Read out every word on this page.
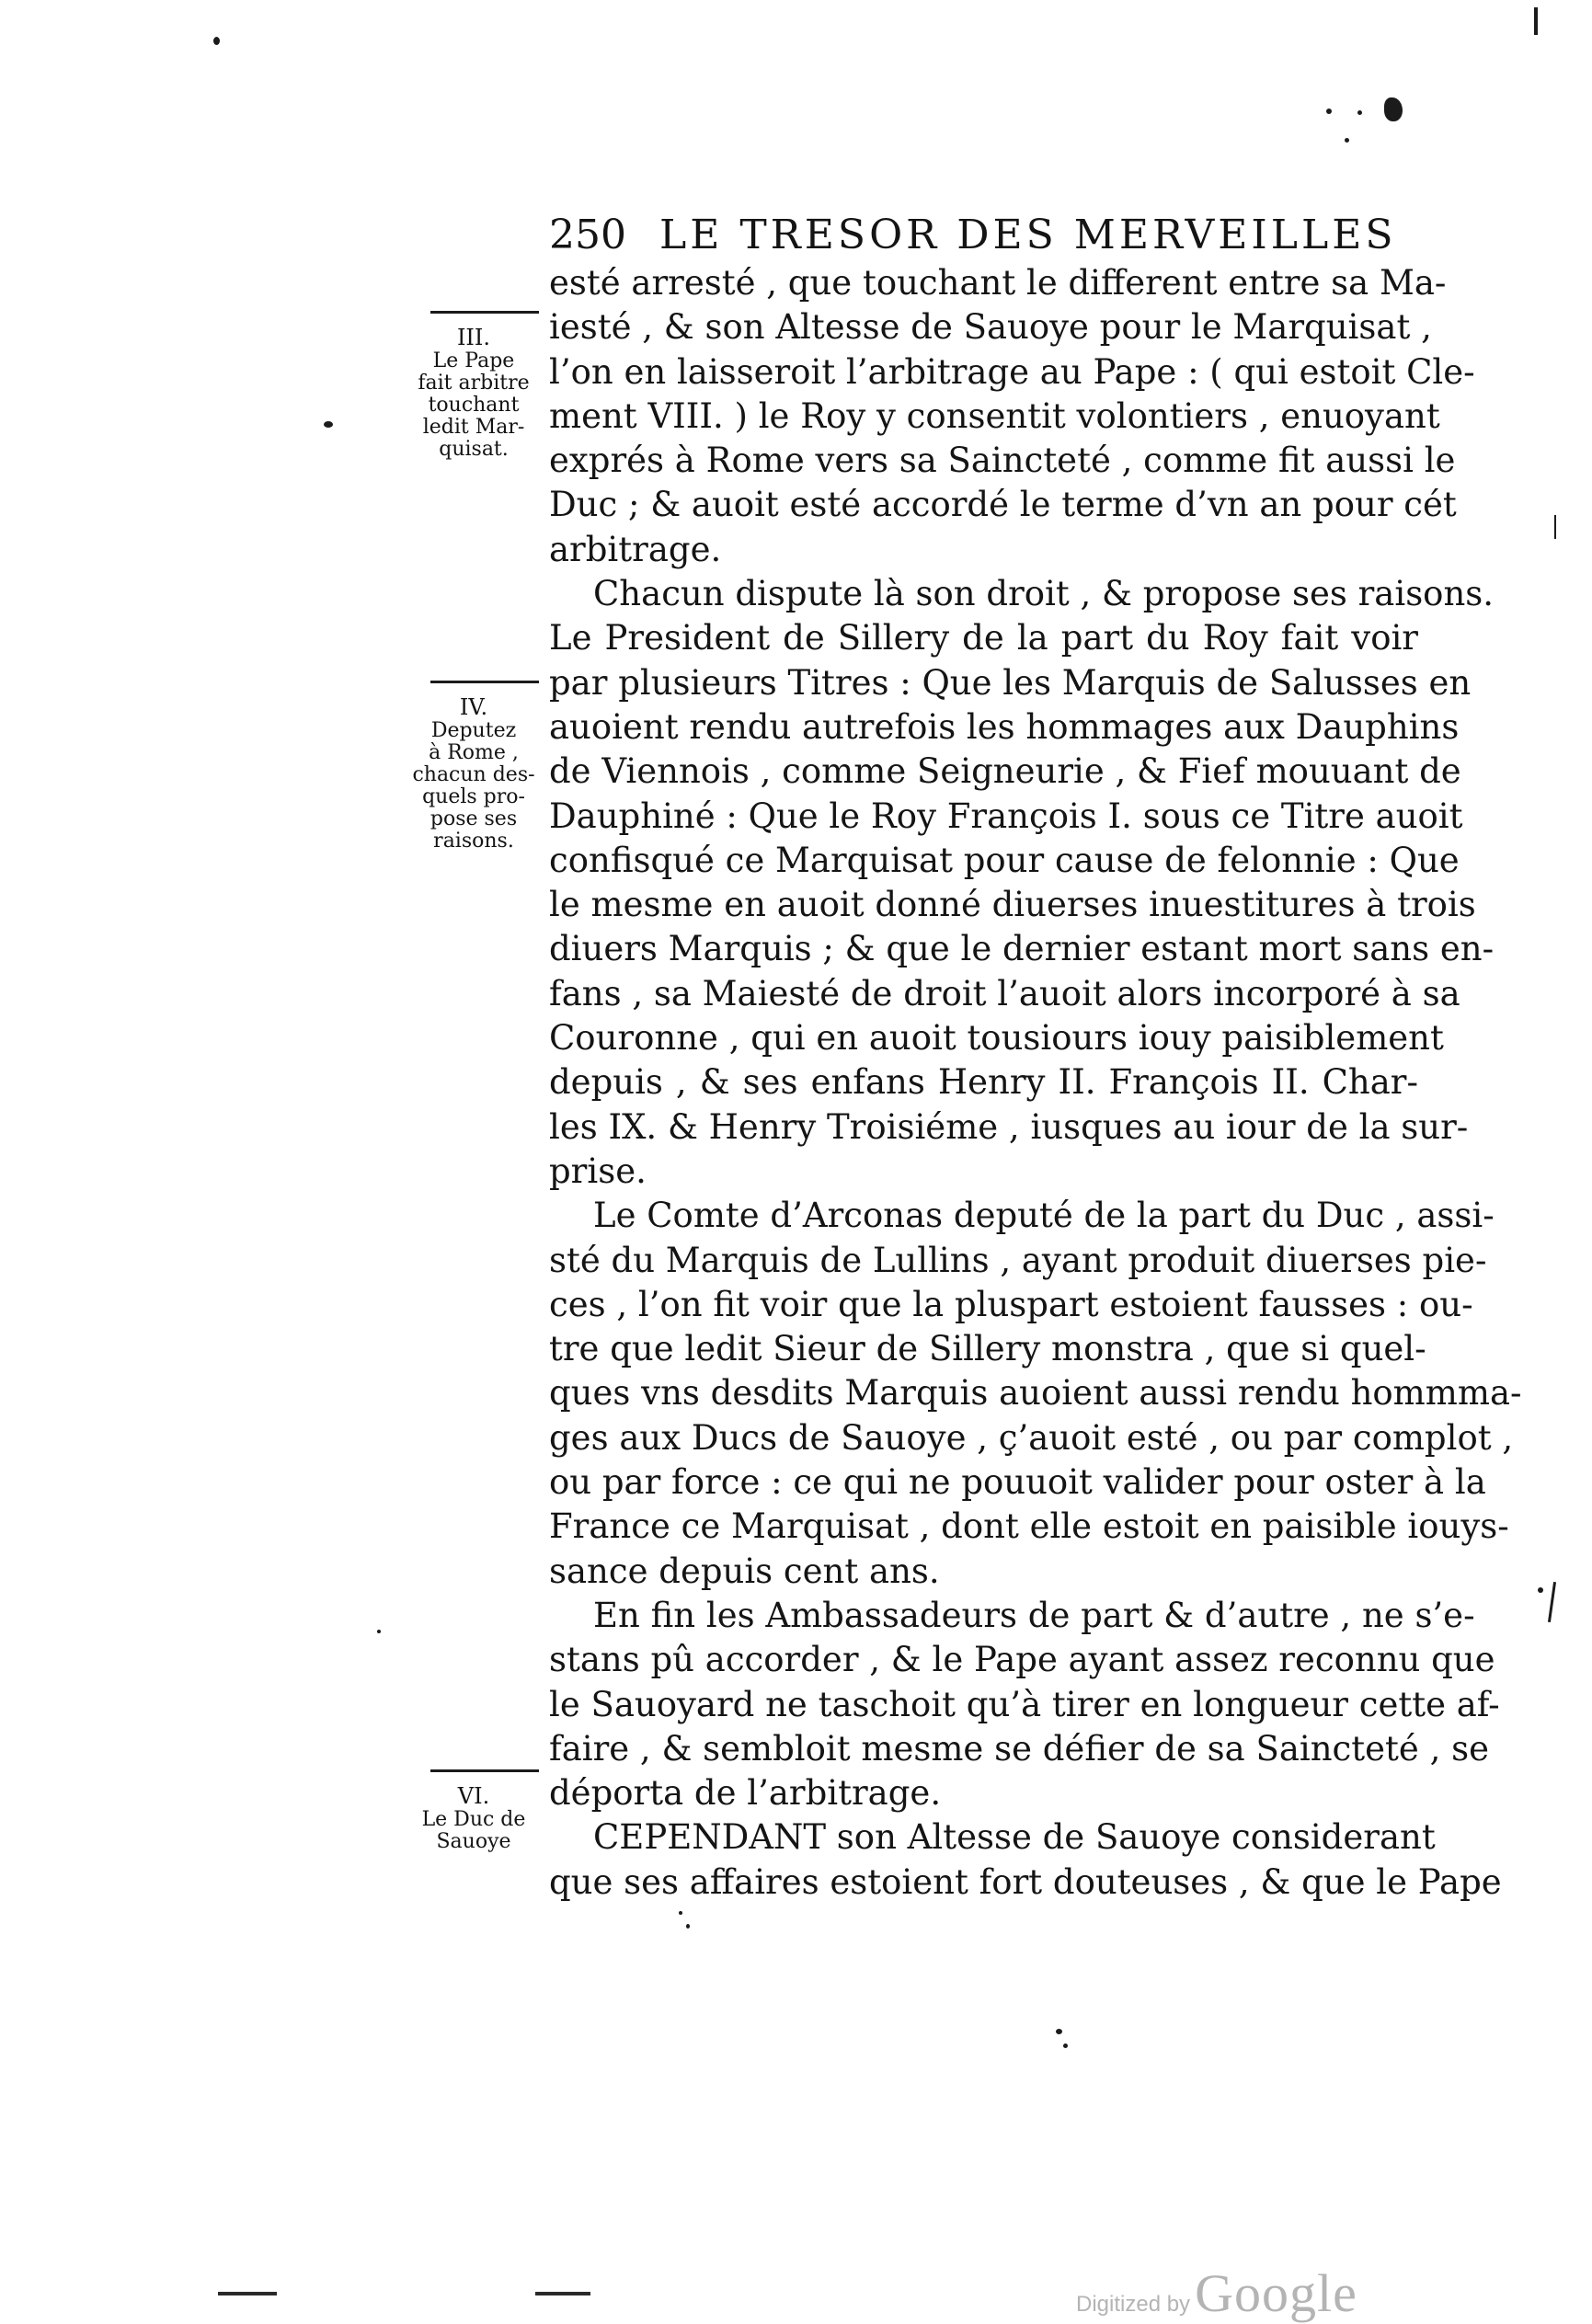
250 LE TRESOR DES MERVEILLES
esté arresté , que touchant le different entre sa Ma-
iesté , & son Altesse de Sauoye pour le Marquisat ,
l’on en laisseroit l’arbitrage au Pape : ( qui estoit Cle-
ment VIII. ) le Roy y consentit volontiers , enuoyant
exprés à Rome vers sa Saincteté , comme fit aussi le
Duc ; & auoit esté accordé le terme d’vn an pour cét
arbitrage.
Chacun dispute là son droit , & propose ses raisons.
Le President de Sillery de la part du Roy fait voir
par plusieurs Titres : Que les Marquis de Salusses en
auoient rendu autrefois les hommages aux Dauphins
de Viennois , comme Seigneurie , & Fief mouuant de
Dauphiné : Que le Roy François I. sous ce Titre auoit
confisqué ce Marquisat pour cause de felonnie : Que
le mesme en auoit donné diuerses inuestitures à trois
diuers Marquis ; & que le dernier estant mort sans en-
fans , sa Maiesté de droit l’auoit alors incorporé à sa
Couronne , qui en auoit tousiours iouy paisiblement
depuis , & ses enfans Henry II. François II. Char-
les IX. & Henry Troisiéme , iusques au iour de la sur-
prise.
Le Comte d’Arconas deputé de la part du Duc , assi-
sté du Marquis de Lullins , ayant produit diuerses pie-
ces , l’on fit voir que la pluspart estoient fausses : ou-
tre que ledit Sieur de Sillery monstra , que si quel-
ques vns desdits Marquis auoient aussi rendu hommma-
ges aux Ducs de Sauoye , ç’auoit esté , ou par complot ,
ou par force : ce qui ne pouuoit valider pour oster à la
France ce Marquisat , dont elle estoit en paisible iouys-
sance depuis cent ans.
En fin les Ambassadeurs de part & d’autre , ne s’e-
stans pû accorder , & le Pape ayant assez reconnu que
le Sauoyard ne taschoit qu’à tirer en longueur cette af-
faire , & sembloit mesme se défier de sa Saincteté , se
déporta de l’arbitrage.
CEPENDANT son Altesse de Sauoye considerant
que ses affaires estoient fort douteuses , & que le Pape
III.
Le Pape
fait arbitre
touchant
ledit Mar-
quisat.
IV.
Deputez
à Rome ,
chacun des-
quels pro-
pose ses
raisons.
VI.
Le Duc de
Sauoye
Digitized by Google
